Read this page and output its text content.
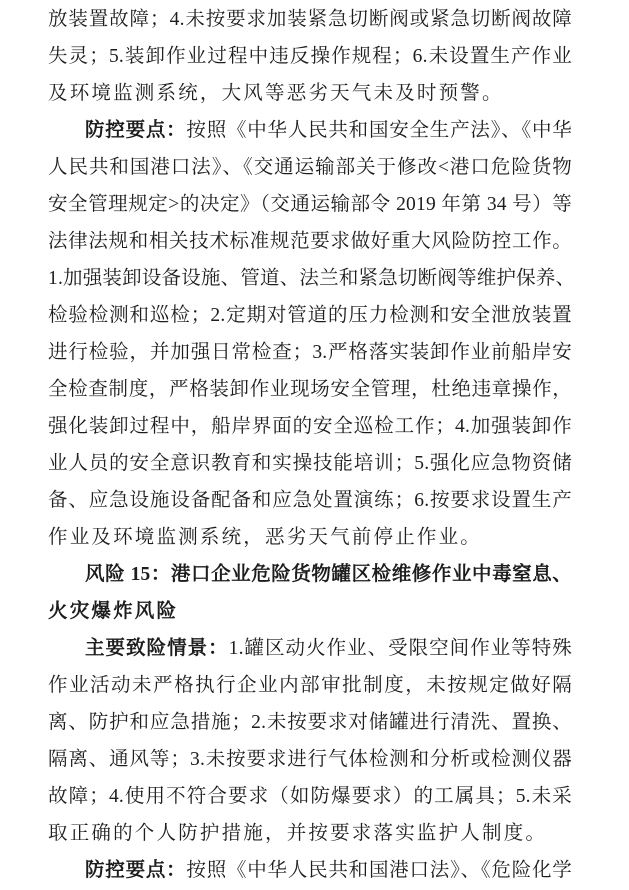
放装置故障；4.未按要求加装紧急切断阀或紧急切断阀故障
失灵；5.装卸作业过程中违反操作规程；6.未设置生产作业
及环境监测系统，大风等恶劣天气未及时预警。
防控要点：按照《中华人民共和国安全生产法》、《中华
人民共和国港口法》、《交通运输部关于修改<港口危险货物
安全管理规定>的决定》（交通运输部令 2019 年第 34 号）等
法律法规和相关技术标准规范要求做好重大风险防控工作。
1.加强装卸设备设施、管道、法兰和紧急切断阀等维护保养、
检验检测和巡检；2.定期对管道的压力检测和安全泄放装置
进行检验，并加强日常检查；3.严格落实装卸作业前船岸安
全检查制度，严格装卸作业现场安全管理，杜绝违章操作，
强化装卸过程中，船岸界面的安全巡检工作；4.加强装卸作
业人员的安全意识教育和实操技能培训；5.强化应急物资储
备、应急设施设备配备和应急处置演练；6.按要求设置生产
作业及环境监测系统，恶劣天气前停止作业。
风险 15：港口企业危险货物罐区检维修作业中毒窒息、
火灾爆炸风险
主要致险情景：1.罐区动火作业、受限空间作业等特殊
作业活动未严格执行企业内部审批制度，未按规定做好隔
离、防护和应急措施；2.未按要求对储罐进行清洗、置换、
隔离、通风等；3.未按要求进行气体检测和分析或检测仪器
故障；4.使用不符合要求（如防爆要求）的工属具；5.未采
取正确的个人防护措施，并按要求落实监护人制度。
防控要点：按照《中华人民共和国港口法》、《危险化学
